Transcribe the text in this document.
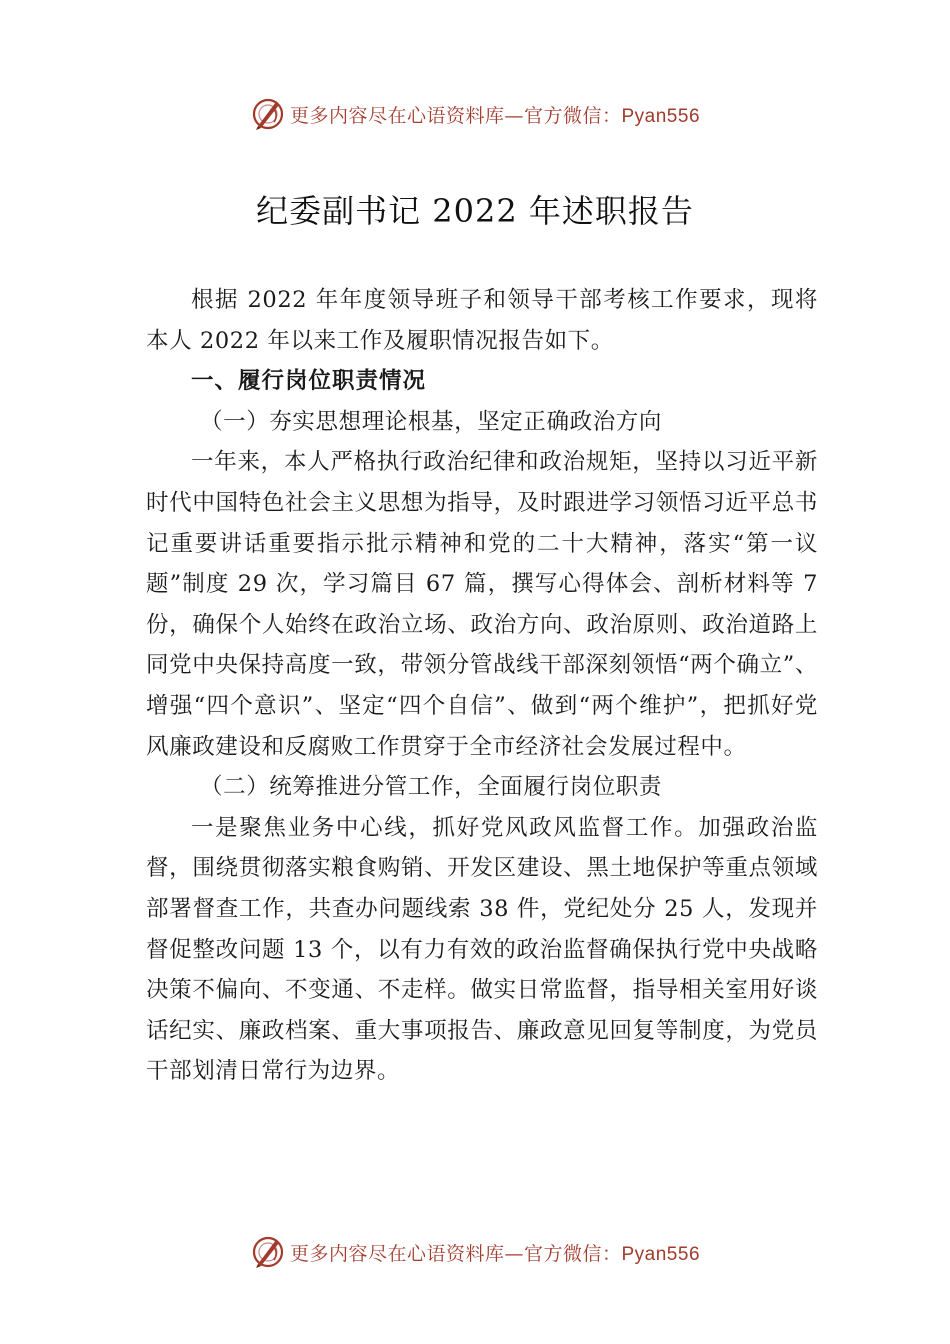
更多内容尽在心语资料库—官方微信：Pyan556
纪委副书记 2022 年述职报告

根据 2022 年年度领导班子和领导干部考核工作要求，现将本人 2022 年以来工作及履职情况报告如下。

一、履行岗位职责情况

（一）夯实思想理论根基，坚定正确政治方向

一年来，本人严格执行政治纪律和政治规矩，坚持以习近平新时代中国特色社会主义思想为指导，及时跟进学习领悟习近平总书记重要讲话重要指示批示精神和党的二十大精神，落实“第一议题”制度 29 次，学习篇目 67 篇，撰写心得体会、剖析材料等 7 份，确保个人始终在政治立场、政治方向、政治原则、政治道路上同党中央保持高度一致，带领分管战线干部深刻领悟“两个确立”、增强“四个意识”、坚定“四个自信”、做到“两个维护”，把抓好党风廉政建设和反腐败工作贯穿于全市经济社会发展过程中。

（二）统筹推进分管工作，全面履行岗位职责

一是聚焦业务中心线，抓好党风政风监督工作。加强政治监督，围绕贯彻落实粮食购销、开发区建设、黑土地保护等重点领域部署督查工作，共查办问题线索 38 件，党纪处分 25 人，发现并督促整改问题 13 个，以有力有效的政治监督确保执行党中央战略决策不偏向、不变通、不走样。做实日常监督，指导相关室用好谈话纪实、廉政档案、重大事项报告、廉政意见回复等制度，为党员干部划清日常行为边界。

更多内容尽在心语资料库—官方微信：Pyan556
